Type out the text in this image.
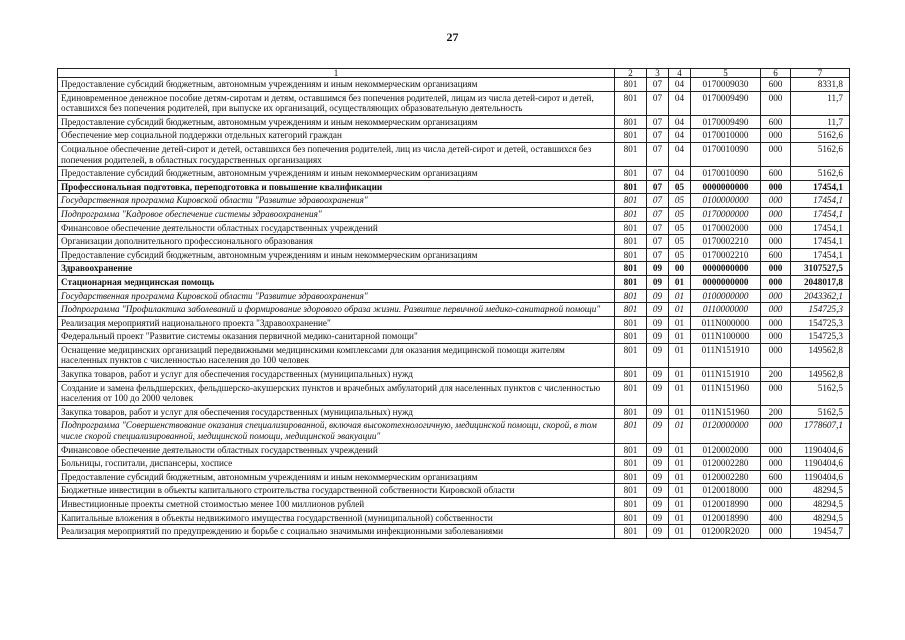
27
1	2	3	4	5	6	7
Предоставление субсидий бюджетным, автономным учреждениям и иным некоммерческим организациям	801	07	04	0170009030	600	8331,8
Единовременное денежное пособие детям-сиротам и детям, оставшимся без попечения родителей, лицам из числа детей-сирот и детей, оставшихся без попечения родителей, при выпуске их организаций, осуществляющих образовательную деятельность	801	07	04	0170009490	000	11,7
Предоставление субсидий бюджетным, автономным учреждениям и иным некоммерческим организациям	801	07	04	0170009490	600	11,7
Обеспечение мер социальной поддержки отдельных категорий граждан	801	07	04	0170010000	000	5162,6
Социальное обеспечение детей-сирот и детей, оставшихся без попечения родителей, лиц из числа детей-сирот и детей, оставшихся без попечения родителей, в областных государственных организациях	801	07	04	0170010090	000	5162,6
Предоставление субсидий бюджетным, автономным учреждениям и иным некоммерческим организациям	801	07	04	0170010090	600	5162,6
Профессиональная подготовка, переподготовка и повышение квалификации	801	07	05	0000000000	000	17454,1
Государственная программа Кировской области "Развитие здравоохранения"	801	07	05	0100000000	000	17454,1
Подпрограмма "Кадровое обеспечение системы здравоохранения"	801	07	05	0170000000	000	17454,1
Финансовое обеспечение деятельности областных государственных учреждений	801	07	05	0170002000	000	17454,1
Организации дополнительного профессионального образования	801	07	05	0170002210	000	17454,1
Предоставление субсидий бюджетным, автономным учреждениям и иным некоммерческим организациям	801	07	05	0170002210	600	17454,1
Здравоохранение	801	09	00	0000000000	000	3107527,5
Стационарная медицинская помощь	801	09	01	0000000000	000	2048017,8
Государственная программа Кировской области "Развитие здравоохранения"	801	09	01	0100000000	000	2043362,1
Подпрограмма "Профилактика заболеваний и формирование здорового образа жизни. Развитие первичной медико-санитарной помощи"	801	09	01	0110000000	000	154725,3
Реализация мероприятий национального проекта "Здравоохранение"	801	09	01	011N000000	000	154725,3
Федеральный проект "Развитие системы оказания первичной медико-санитарной помощи"	801	09	01	011N100000	000	154725,3
Оснащение медицинских организаций передвижными медицинскими комплексами для оказания медицинской помощи жителям населенных пунктов с численностью населения до 100 человек	801	09	01	011N151910	000	149562,8
Закупка товаров, работ и услуг для обеспечения государственных (муниципальных) нужд	801	09	01	011N151910	200	149562,8
Создание и замена фельдшерских, фельдшерско-акушерских пунктов и врачебных амбулаторий для населенных пунктов с численностью населения от 100 до 2000 человек	801	09	01	011N151960	000	5162,5
Закупка товаров, работ и услуг для обеспечения государственных (муниципальных) нужд	801	09	01	011N151960	200	5162,5
Подпрограмма "Совершенствование оказания специализированной, включая высокотехнологичную, медицинской помощи, скорой, в том числе скорой специализированной, медицинской помощи, медицинской эвакуации"	801	09	01	0120000000	000	1778607,1
Финансовое обеспечение деятельности областных государственных учреждений	801	09	01	0120002000	000	1190404,6
Больницы, госпитали, диспансеры, хосписе	801	09	01	0120002280	000	1190404,6
Предоставление субсидий бюджетным, автономным учреждениям и иным некоммерческим организациям	801	09	01	0120002280	600	1190404,6
Бюджетные инвестиции в объекты капитального строительства государственной собственности Кировской области	801	09	01	0120018000	000	48294,5
Инвестиционные проекты сметной стоимостью менее 100 миллионов рублей	801	09	01	0120018990	000	48294,5
Капитальные вложения в объекты недвижимого имущества государственной (муниципальной) собственности	801	09	01	0120018990	400	48294,5
Реализация мероприятий по предупреждению и борьбе с социально значимыми инфекционными заболеваниями	801	09	01	01200R2020	000	19454,7
